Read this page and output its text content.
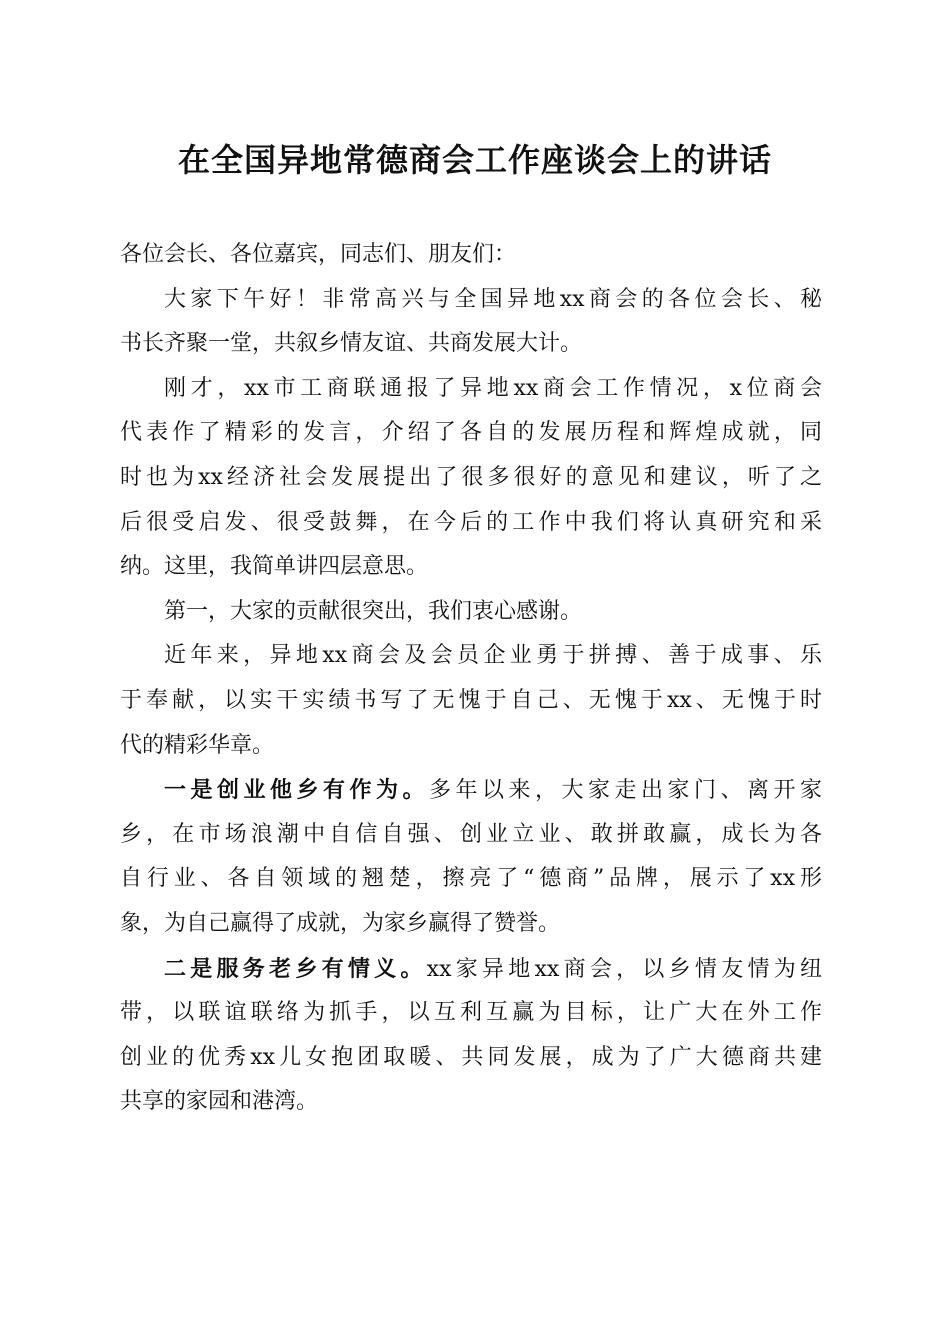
在全国异地常德商会工作座谈会上的讲话
各位会长、各位嘉宾，同志们、朋友们：
大家下午好！非常高兴与全国异地xx商会的各位会长、秘
书长齐聚一堂，共叙乡情友谊、共商发展大计。
刚才，xx市工商联通报了异地xx商会工作情况，x位商会
代表作了精彩的发言，介绍了各自的发展历程和辉煌成就，同
时也为xx经济社会发展提出了很多很好的意见和建议，听了之
后很受启发、很受鼓舞，在今后的工作中我们将认真研究和采
纳。这里，我简单讲四层意思。
第一，大家的贡献很突出，我们衷心感谢。
近年来，异地xx商会及会员企业勇于拼搏、善于成事、乐
于奉献，以实干实绩书写了无愧于自己、无愧于xx、无愧于时
代的精彩华章。
一是创业他乡有作为。多年以来，大家走出家门、离开家
乡，在市场浪潮中自信自强、创业立业、敢拼敢赢，成长为各
自行业、各自领域的翘楚，擦亮了“德商”品牌，展示了xx形
象，为自己赢得了成就，为家乡赢得了赞誉。
二是服务老乡有情义。xx家异地xx商会，以乡情友情为纽
带，以联谊联络为抓手，以互利互赢为目标，让广大在外工作
创业的优秀xx儿女抱团取暖、共同发展，成为了广大德商共建
共享的家园和港湾。
